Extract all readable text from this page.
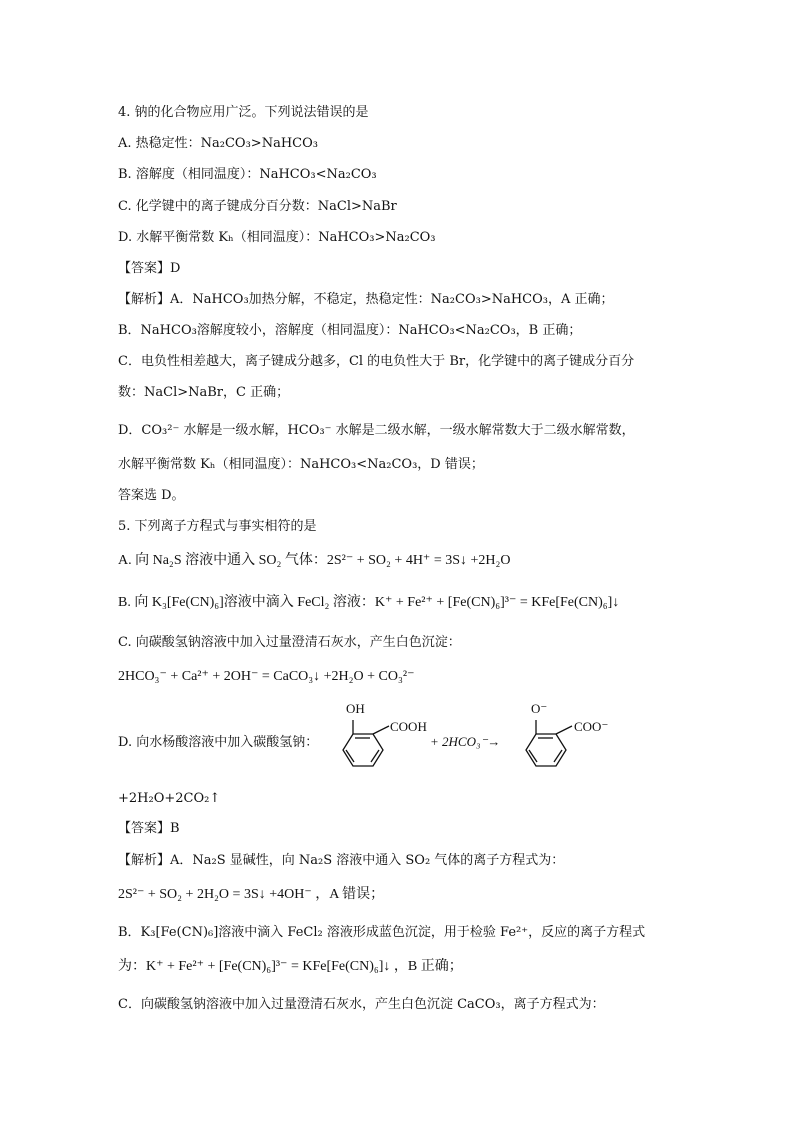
4. 钠的化合物应用广泛。下列说法错误的是
A. 热稳定性：Na₂CO₃>NaHCO₃
B. 溶解度（相同温度）：NaHCO₃<Na₂CO₃
C. 化学键中的离子键成分百分数：NaCl>NaBr
D. 水解平衡常数 Kₕ（相同温度）：NaHCO₃>Na₂CO₃
【答案】D
【解析】A．NaHCO₃加热分解，不稳定，热稳定性：Na₂CO₃>NaHCO₃，A 正确；
B．NaHCO₃溶解度较小，溶解度（相同温度）：NaHCO₃<Na₂CO₃，B 正确；
C．电负性相差越大，离子键成分越多，Cl 的电负性大于 Br，化学键中的离子键成分百分
数：NaCl>NaBr，C 正确；
D．CO₃²⁻ 水解是一级水解，HCO₃⁻ 水解是二级水解，一级水解常数大于二级水解常数，
水解平衡常数 Kₕ（相同温度）：NaHCO₃<Na₂CO₃，D 错误；
答案选 D。
5. 下列离子方程式与事实相符的是
A. 向 Na₂S 溶液中通入 SO₂ 气体：2S²⁻ + SO₂ + 4H⁺ = 3S↓ +2H₂O
B. 向 K₃[Fe(CN)₆]溶液中滴入 FeCl₂ 溶液：K⁺ + Fe²⁺ + [Fe(CN)₆]³⁻ = KFe[Fe(CN)₆]↓
C. 向碳酸氢钠溶液中加入过量澄清石灰水，产生白色沉淀：
2HCO₃⁻ + Ca²⁺ + 2OH⁻ = CaCO₃↓ +2H₂O + CO₃²⁻
D. 向水杨酸溶液中加入碳酸氢钠：
OH
COOH
+ 2HCO₃⁻→
O⁻
COO⁻
+2H₂O+2CO₂↑
【答案】B
【解析】A．Na₂S 显碱性，向 Na₂S 溶液中通入 SO₂ 气体的离子方程式为：
2S²⁻ + SO₂ + 2H₂O = 3S↓ +4OH⁻ ，A 错误；
B．K₃[Fe(CN)₆]溶液中滴入 FeCl₂ 溶液形成蓝色沉淀，用于检验 Fe²⁺，反应的离子方程式
为：K⁺ + Fe²⁺ + [Fe(CN)₆]³⁻ = KFe[Fe(CN)₆]↓ ，B 正确；
C．向碳酸氢钠溶液中加入过量澄清石灰水，产生白色沉淀 CaCO₃，离子方程式为：
